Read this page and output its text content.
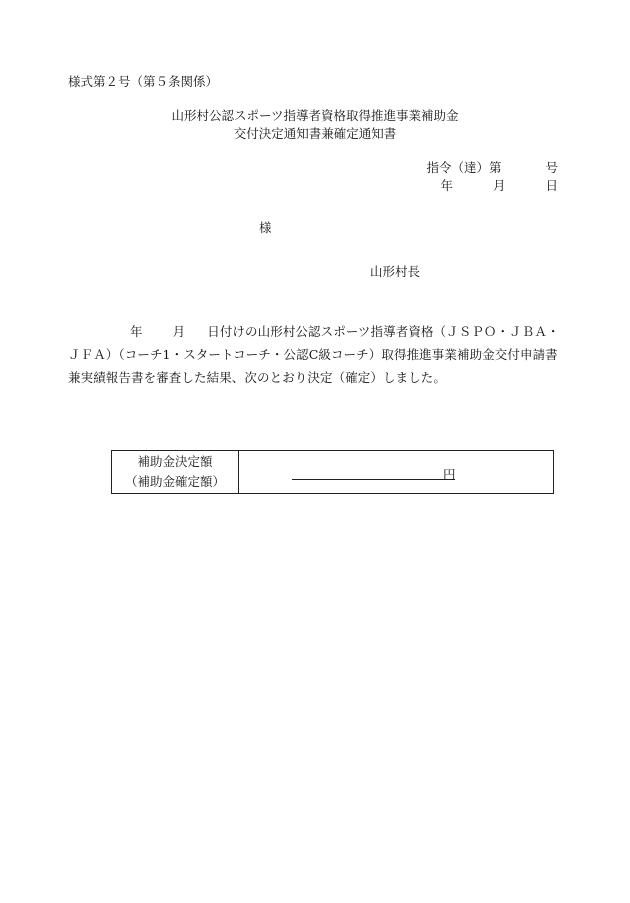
様式第２号（第５条関係）
山形村公認スポーツ指導者資格取得推進事業補助金
交付決定通知書兼確定通知書
指令（達）第	号
年	月	日
様
山形村長
年 月 日付けの山形村公認スポーツ指導者資格（ＪＳＰＯ・ＪＢＡ・
ＪＦＡ）（コーチ1・スタートコーチ・公認C級コーチ）取得推進事業補助金交付申請書
兼実績報告書を審査した結果、次のとおり決定（確定）しました。
補助金決定額
（補助金確定額）	円
